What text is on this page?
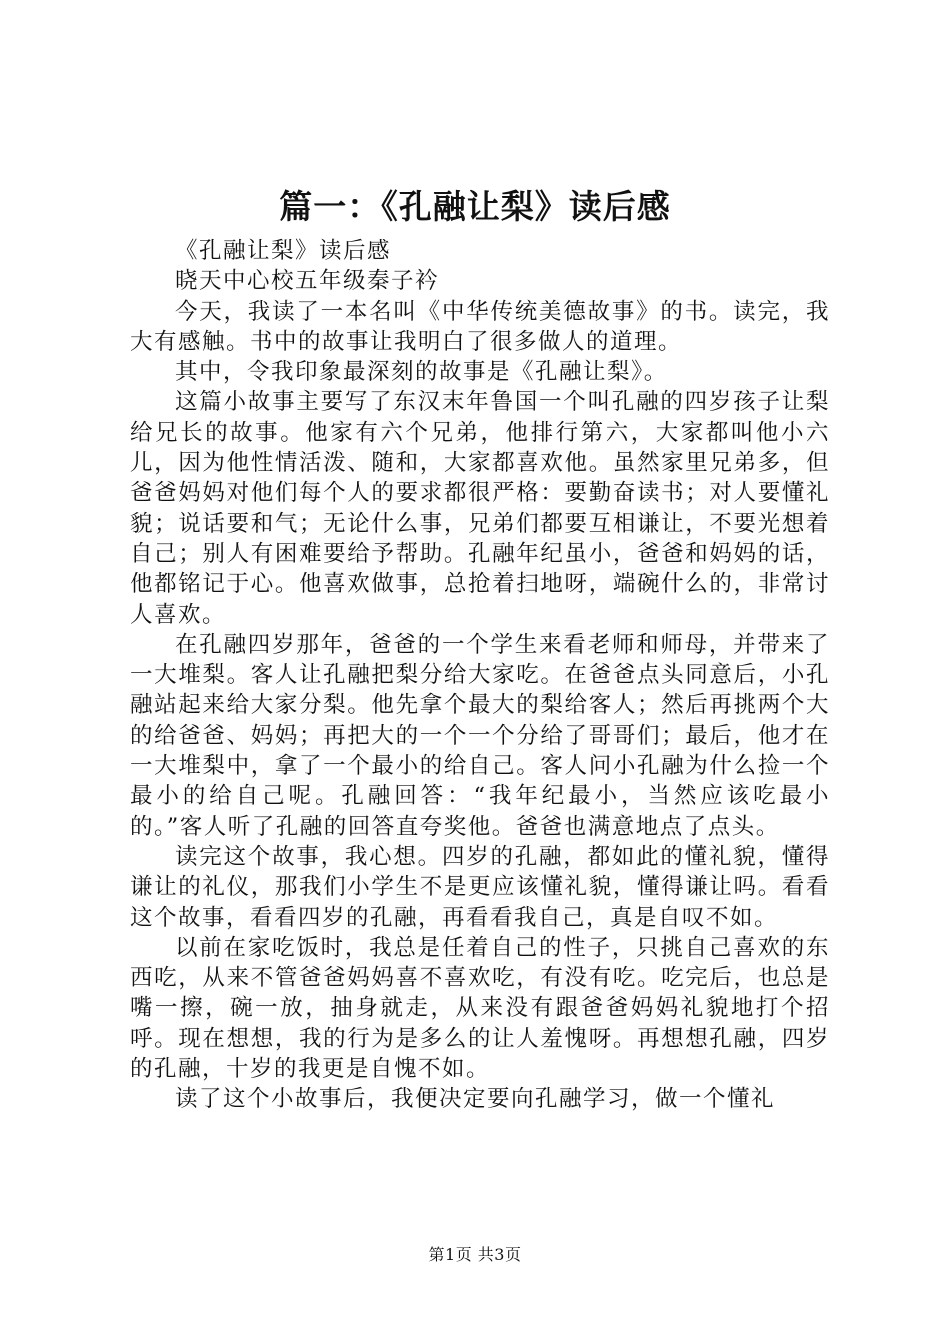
篇一：《孔融让梨》读后感

《孔融让梨》读后感

晓天中心校五年级秦子衿

今天，我读了一本名叫《中华传统美德故事》的书。读完，我大有感触。书中的故事让我明白了很多做人的道理。

其中，令我印象最深刻的故事是《孔融让梨》。

这篇小故事主要写了东汉末年鲁国一个叫孔融的四岁孩子让梨给兄长的故事。他家有六个兄弟，他排行第六，大家都叫他小六儿，因为他性情活泼、随和，大家都喜欢他。虽然家里兄弟多，但爸爸妈妈对他们每个人的要求都很严格：要勤奋读书；对人要懂礼貌；说话要和气；无论什么事，兄弟们都要互相谦让，不要光想着自己；别人有困难要给予帮助。孔融年纪虽小，爸爸和妈妈的话，他都铭记于心。他喜欢做事，总抢着扫地呀，端碗什么的，非常讨人喜欢。

在孔融四岁那年，爸爸的一个学生来看老师和师母，并带来了一大堆梨。客人让孔融把梨分给大家吃。在爸爸点头同意后，小孔融站起来给大家分梨。他先拿个最大的梨给客人；然后再挑两个大的给爸爸、妈妈；再把大的一个一个分给了哥哥们；最后，他才在一大堆梨中，拿了一个最小的给自己。客人问小孔融为什么捡一个最小的给自己呢。孔融回答：“我年纪最小，当然应该吃最小的。”客人听了孔融的回答直夸奖他。爸爸也满意地点了点头。

读完这个故事，我心想。四岁的孔融，都如此的懂礼貌，懂得谦让的礼仪，那我们小学生不是更应该懂礼貌，懂得谦让吗。看看这个故事，看看四岁的孔融，再看看我自己，真是自叹不如。

以前在家吃饭时，我总是任着自己的性子，只挑自己喜欢的东西吃，从来不管爸爸妈妈喜不喜欢吃，有没有吃。吃完后，也总是嘴一擦，碗一放，抽身就走，从来没有跟爸爸妈妈礼貌地打个招呼。现在想想，我的行为是多么的让人羞愧呀。再想想孔融，四岁的孔融，十岁的我更是自愧不如。

读了这个小故事后，我便决定要向孔融学习，做一个懂礼

第1页 共3页
